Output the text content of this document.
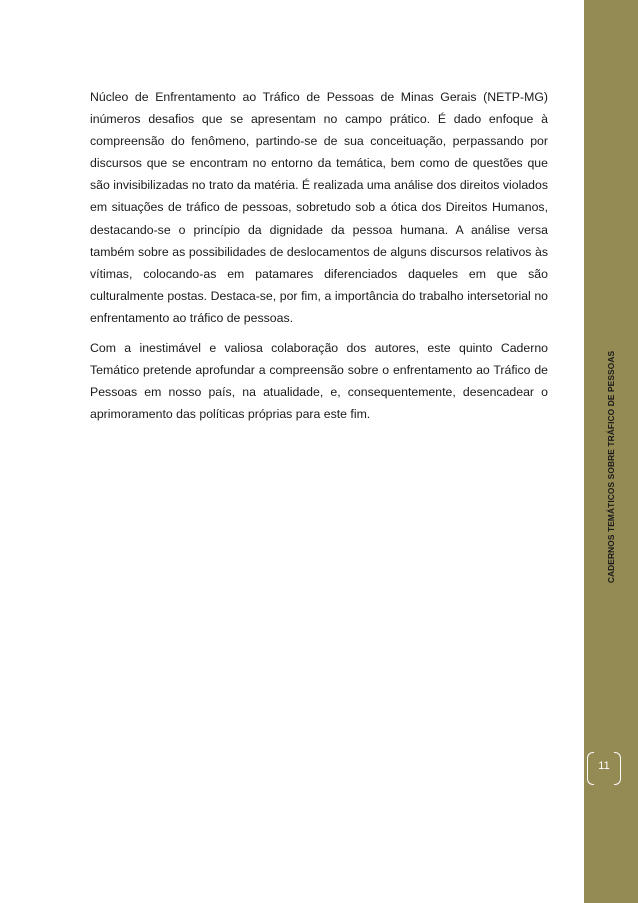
Núcleo de Enfrentamento ao Tráfico de Pessoas de Minas Gerais (NETP-MG) inúmeros desafios que se apresentam no campo prático. É dado enfoque à compreensão do fenômeno, partindo-se de sua conceituação, perpassando por discursos que se encontram no entorno da temática, bem como de questões que são invisibilizadas no trato da matéria. É realizada uma análise dos direitos violados em situações de tráfico de pessoas, sobretudo sob a ótica dos Direitos Humanos, destacando-se o princípio da dignidade da pessoa humana. A análise versa também sobre as possibilidades de deslocamentos de alguns discursos relativos às vítimas, colocando-as em patamares diferenciados daqueles em que são culturalmente postas. Destaca-se, por fim, a importância do trabalho intersetorial no enfrentamento ao tráfico de pessoas.

Com a inestimável e valiosa colaboração dos autores, este quinto Caderno Temático pretende aprofundar a compreensão sobre o enfrentamento ao Tráfico de Pessoas em nosso país, na atualidade, e, consequentemente, desencadear o aprimoramento das políticas próprias para este fim.	CADERNOS TEMÁTICOS SOBRE TRÁFICO DE PESSOAS
11
